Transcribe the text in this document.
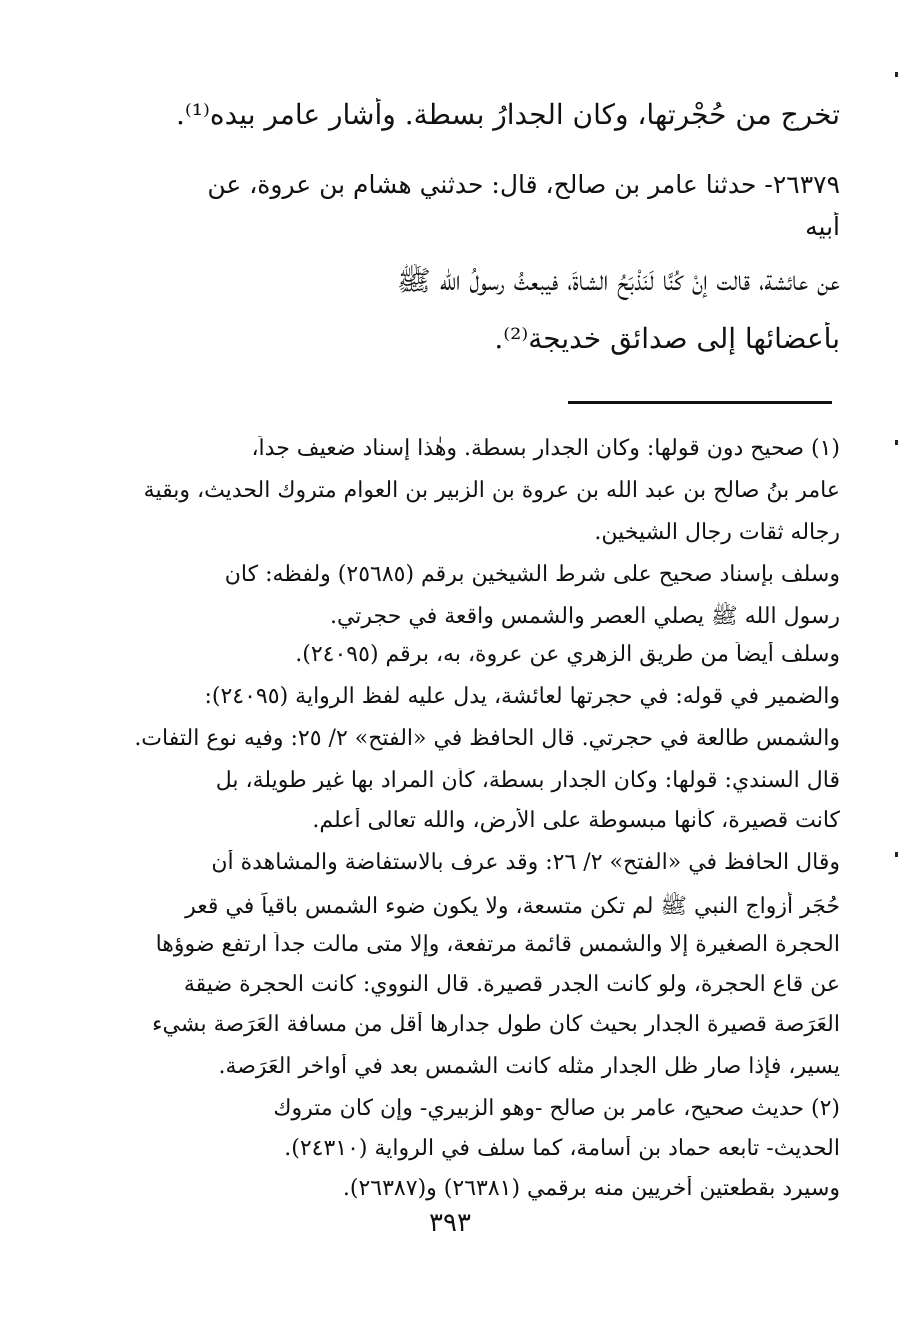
تخرج من حُجْرتها، وكان الجدارُ بسطة. وأشار عامر بيده⁽¹⁾.
٢٦٣٧٩- حدثنا عامر بن صالح، قال: حدثني هشام بن عروة، عن
أبيه
عن عائشة، قالت إنْ كُنَّا لَنَذْبَحُ الشاةَ، فيبعثُ رسولُ الله ﷺ
بأعضائها إلى صدائق خديجة⁽²⁾.
(١) صحيح دون قولها: وكان الجدار بسطة. وهٰذا إسناد ضعيف جداً،
عامر بنُ صالح بن عبد الله بن عروة بن الزبير بن العوام متروك الحديث، وبقية
رجاله ثقات رجال الشيخين.
وسلف بإسناد صحيح على شرط الشيخين برقم (٢٥٦٨٥) ولفظه: كان
رسول الله ﷺ يصلي العصر والشمس واقعة في حجرتي.
وسلف أيضاً من طريق الزهري عن عروة، به، برقم (٢٤٠٩٥).
والضمير في قوله: في حجرتها لعائشة، يدل عليه لفظ الرواية (٢٤٠٩٥):
والشمس طالعة في حجرتي. قال الحافظ في «الفتح» ٢/ ٢٥: وفيه نوع التفات.
قال السندي: قولها: وكان الجدار بسطة، كأن المراد بها غير طويلة، بل
كانت قصيرة، كأنها مبسوطة على الأرض، والله تعالى أعلم.
وقال الحافظ في «الفتح» ٢/ ٢٦: وقد عرف بالاستفاضة والمشاهدة أن
حُجَر أزواج النبي ﷺ لم تكن متسعة، ولا يكون ضوء الشمس باقياً في قعر
الحجرة الصغيرة إلا والشمس قائمة مرتفعة، وإلا متى مالت جداً ارتفع ضوؤها
عن قاع الحجرة، ولو كانت الجدر قصيرة. قال النووي: كانت الحجرة ضيقة
العَرَصة قصيرة الجدار بحيث كان طول جدارها أقل من مسافة العَرَصة بشيء
يسير، فإذا صار ظل الجدار مثله كانت الشمس بعد في أواخر العَرَصة.
(٢) حديث صحيح، عامر بن صالح -وهو الزبيري- وإن كان متروك
الحديث- تابعه حماد بن أسامة، كما سلف في الرواية (٢٤٣١٠).
وسيرد بقطعتين أخريين منه برقمي (٢٦٣٨١) و(٢٦٣٨٧).
٣٩٣
